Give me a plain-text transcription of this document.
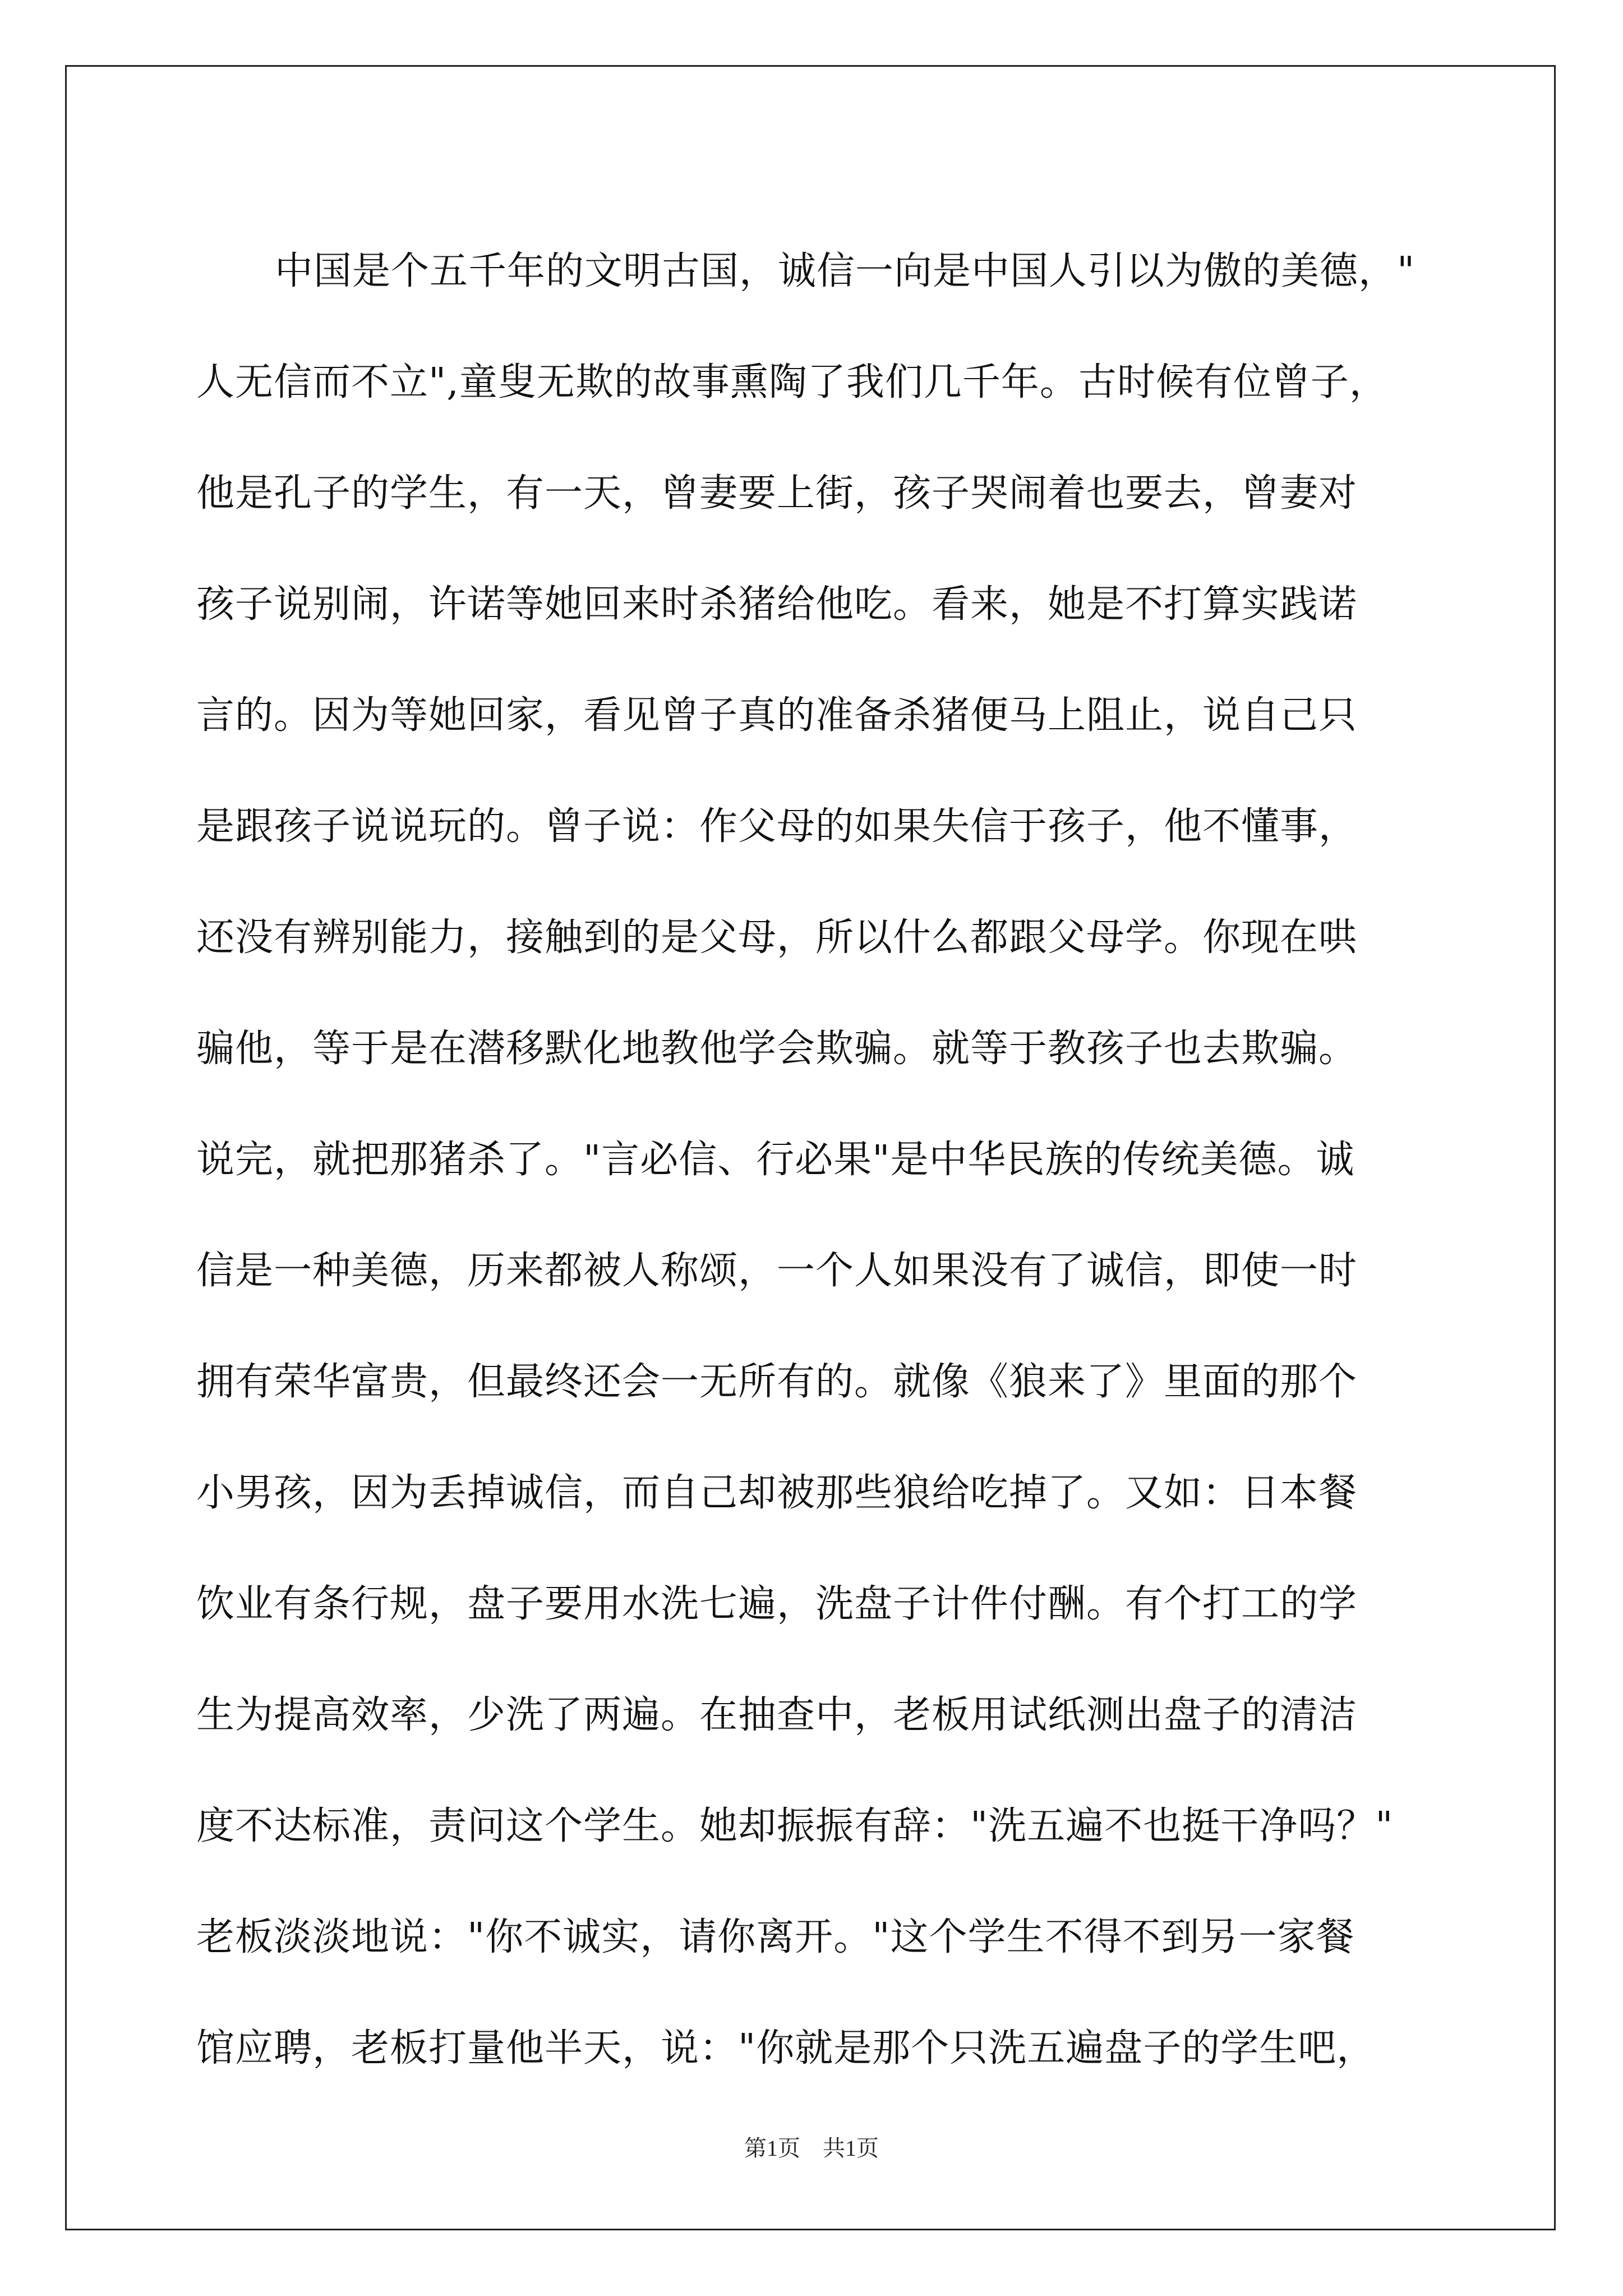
中国是个五千年的文明古国，诚信一向是中国人引以为傲的美德，"
人无信而不立",童叟无欺的故事熏陶了我们几千年。古时候有位曾子，
他是孔子的学生，有一天，曾妻要上街，孩子哭闹着也要去，曾妻对
孩子说别闹，许诺等她回来时杀猪给他吃。看来，她是不打算实践诺
言的。因为等她回家，看见曾子真的准备杀猪便马上阻止，说自己只
是跟孩子说说玩的。曾子说：作父母的如果失信于孩子，他不懂事，
还没有辨别能力，接触到的是父母，所以什么都跟父母学。你现在哄
骗他，等于是在潜移默化地教他学会欺骗。就等于教孩子也去欺骗。
说完，就把那猪杀了。"言必信、行必果"是中华民族的传统美德。诚
信是一种美德，历来都被人称颂，一个人如果没有了诚信，即使一时
拥有荣华富贵，但最终还会一无所有的。就像《狼来了》里面的那个
小男孩，因为丢掉诚信，而自己却被那些狼给吃掉了。又如：日本餐
饮业有条行规，盘子要用水洗七遍，洗盘子计件付酬。有个打工的学
生为提高效率，少洗了两遍。在抽查中，老板用试纸测出盘子的清洁
度不达标准，责问这个学生。她却振振有辞："洗五遍不也挺干净吗？"
老板淡淡地说："你不诚实，请你离开。"这个学生不得不到另一家餐
馆应聘，老板打量他半天，说："你就是那个只洗五遍盘子的学生吧，
第1页　共1页
